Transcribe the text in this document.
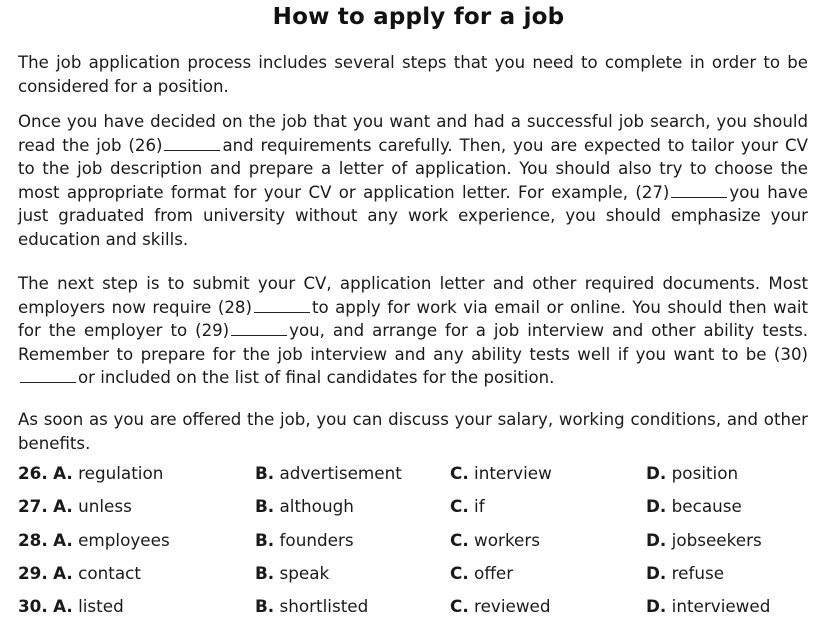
How to apply for a job

The job application process includes several steps that you need to complete in order to be considered for a position.

Once you have decided on the job that you want and had a successful job search, you should read the job (26)	and requirements carefully. Then, you are expected to tailor your CV to the job description and prepare a letter of application. You should also try to choose the most appropriate format for your CV or application letter. For example, (27)	you have just graduated from university without any work experience, you should emphasize your education and skills.

The next step is to submit your CV, application letter and other required documents. Most employers now require (28)	to apply for work via email or online. You should then wait for the employer to (29)	you, and arrange for a job interview and other ability tests. Remember to prepare for the job interview and any ability tests well if you want to be (30)or included on the list of final candidates for the position.

As soon as you are offered the job, you can discuss your salary, working conditions, and other benefits.

26. A. regulation	B. advertisement	C. interview	D. position
27. A. unless	B. although	C. if	D. because
28. A. employees	B. founders	C. workers	D. jobseekers
29. A. contact	B. speak	C. offer	D. refuse
30. A. listed	B. shortlisted	C. reviewed	D. interviewed
